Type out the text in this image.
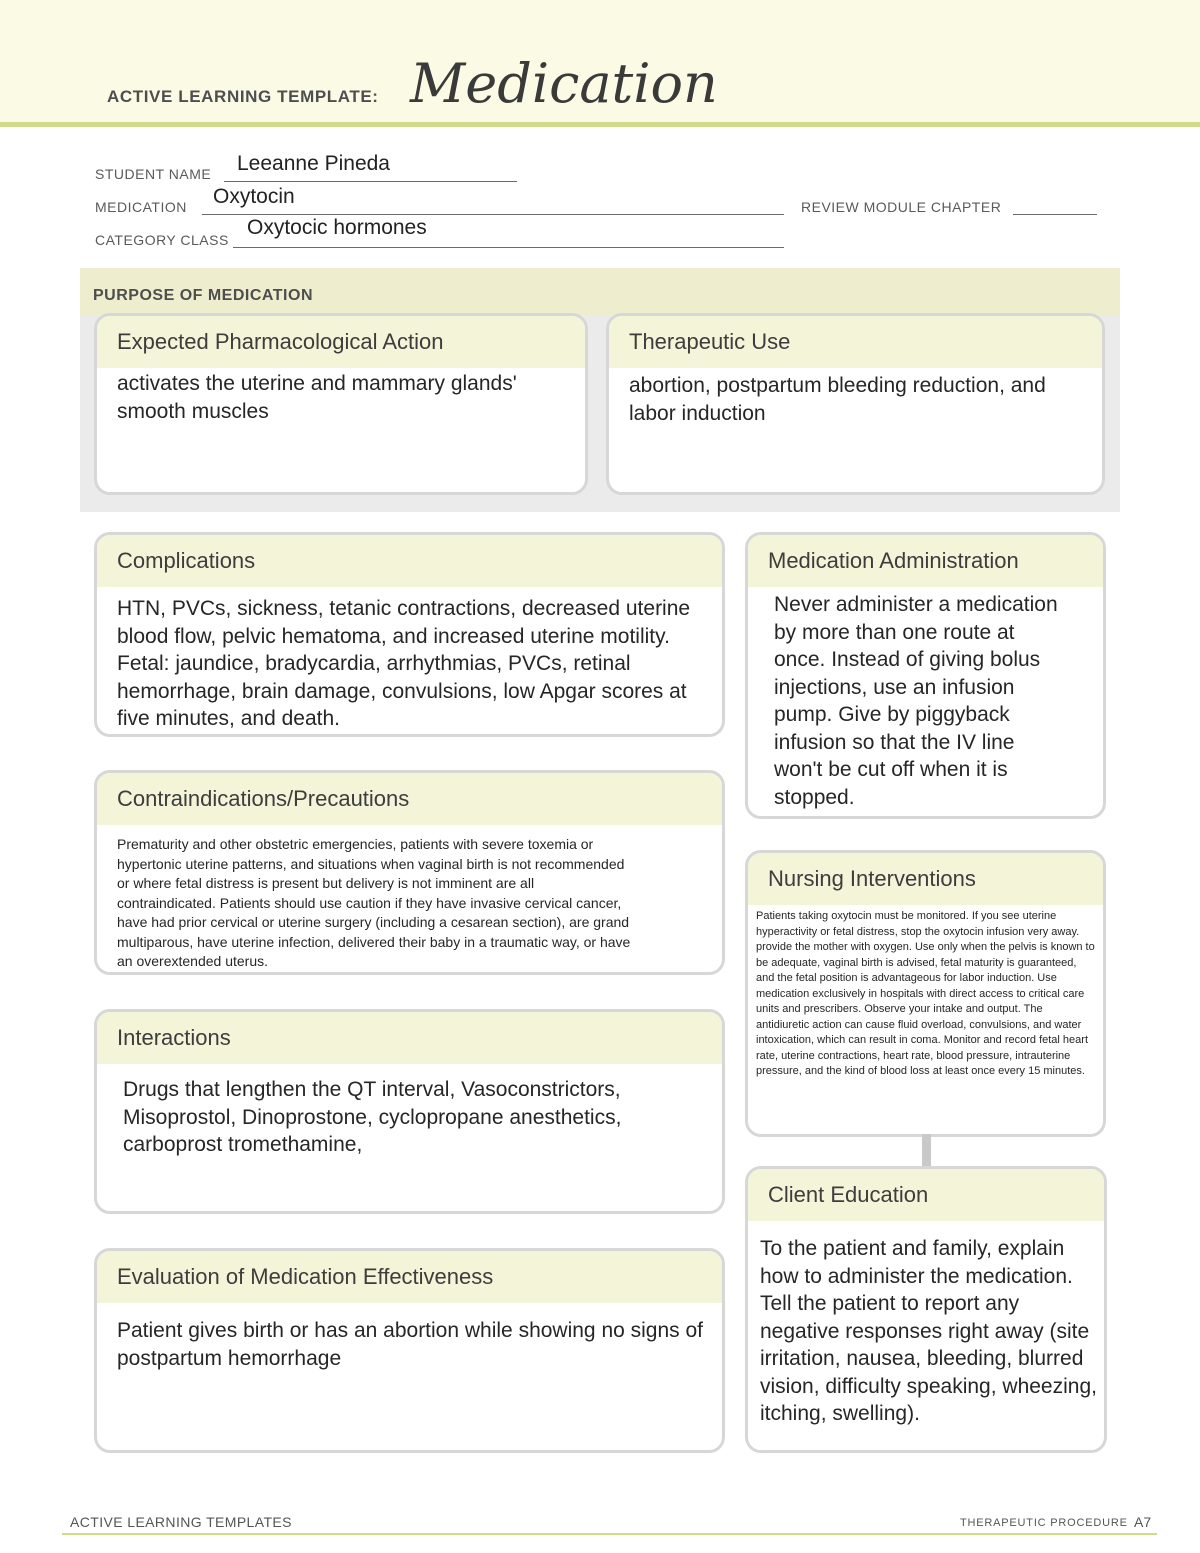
ACTIVE LEARNING TEMPLATE: Medication
STUDENT NAME Leeanne Pineda
MEDICATION Oxytocin	REVIEW MODULE CHAPTER
CATEGORY CLASS
Oxytocic hormones
PURPOSE OF MEDICATION
Expected Pharmacological Action
activates the uterine and mammary glands' smooth muscles
Therapeutic Use
abortion, postpartum bleeding reduction, and labor induction
Complications
HTN, PVCs, sickness, tetanic contractions, decreased uterine blood flow, pelvic hematoma, and increased uterine motility. Fetal: jaundice, bradycardia, arrhythmias, PVCs, retinal hemorrhage, brain damage, convulsions, low Apgar scores at five minutes, and death.
Contraindications/Precautions
Prematurity and other obstetric emergencies, patients with severe toxemia or hypertonic uterine patterns, and situations when vaginal birth is not recommended or where fetal distress is present but delivery is not imminent are all contraindicated. Patients should use caution if they have invasive cervical cancer, have had prior cervical or uterine surgery (including a cesarean section), are grand multiparous, have uterine infection, delivered their baby in a traumatic way, or have an overextended uterus.
Interactions
Drugs that lengthen the QT interval, Vasoconstrictors, Misoprostol, Dinoprostone, cyclopropane anesthetics, carboprost tromethamine,
Evaluation of Medication Effectiveness
Patient gives birth or has an abortion while showing no signs of postpartum hemorrhage
Medication Administration
Never administer a medication by more than one route at once. Instead of giving bolus injections, use an infusion pump. Give by piggyback infusion so that the IV line won't be cut off when it is stopped.
Nursing Interventions
Patients taking oxytocin must be monitored. If you see uterine hyperactivity or fetal distress, stop the oxytocin infusion very away. provide the mother with oxygen. Use only when the pelvis is known to be adequate, vaginal birth is advised, fetal maturity is guaranteed, and the fetal position is advantageous for labor induction. Use medication exclusively in hospitals with direct access to critical care units and prescribers. Observe your intake and output. The antidiuretic action can cause fluid overload, convulsions, and water intoxication, which can result in coma. Monitor and record fetal heart rate, uterine contractions, heart rate, blood pressure, intrauterine pressure, and the kind of blood loss at least once every 15 minutes.
Client Education
To the patient and family, explain how to administer the medication. Tell the patient to report any negative responses right away (site irritation, nausea, bleeding, blurred vision, difficulty speaking, wheezing, itching, swelling).
ACTIVE LEARNING TEMPLATES	THERAPEUTIC PROCEDURE A7
